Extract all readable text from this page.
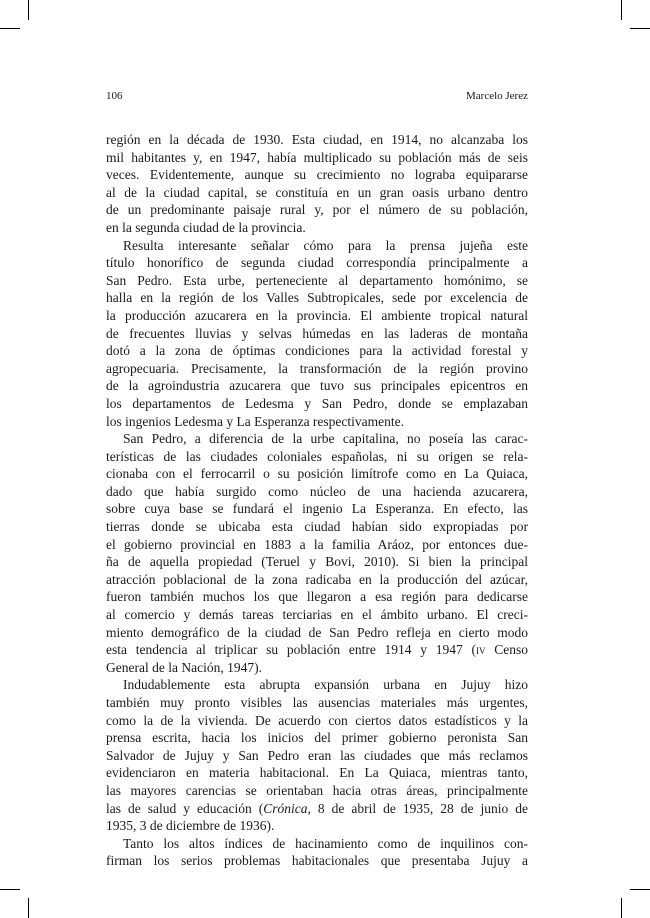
106	Marcelo Jerez
región en la década de 1930. Esta ciudad, en 1914, no alcanzaba los
mil habitantes y, en 1947, había multiplicado su población más de seis
veces. Evidentemente, aunque su crecimiento no lograba equipararse
al de la ciudad capital, se constituía en un gran oasis urbano dentro
de un predominante paisaje rural y, por el número de su población,
en la segunda ciudad de la provincia.
Resulta interesante señalar cómo para la prensa jujeña este
título honorífico de segunda ciudad correspondía principalmente a
San Pedro. Esta urbe, perteneciente al departamento homónimo, se
halla en la región de los Valles Subtropicales, sede por excelencia de
la producción azucarera en la provincia. El ambiente tropical natural
de frecuentes lluvias y selvas húmedas en las laderas de montaña
dotó a la zona de óptimas condiciones para la actividad forestal y
agropecuaria. Precisamente, la transformación de la región provino
de la agroindustria azucarera que tuvo sus principales epicentros en
los departamentos de Ledesma y San Pedro, donde se emplazaban
los ingenios Ledesma y La Esperanza respectivamente.
San Pedro, a diferencia de la urbe capitalina, no poseía las carac-
terísticas de las ciudades coloniales españolas, ni su origen se rela-
cionaba con el ferrocarril o su posición limítrofe como en La Quiaca,
dado que había surgido como núcleo de una hacienda azucarera,
sobre cuya base se fundará el ingenio La Esperanza. En efecto, las
tierras donde se ubicaba esta ciudad habían sido expropiadas por
el gobierno provincial en 1883 a la familia Aráoz, por entonces due-
ña de aquella propiedad (Teruel y Bovi, 2010). Si bien la principal
atracción poblacional de la zona radicaba en la producción del azúcar,
fueron también muchos los que llegaron a esa región para dedicarse
al comercio y demás tareas terciarias en el ámbito urbano. El creci-
miento demográfico de la ciudad de San Pedro refleja en cierto modo
esta tendencia al triplicar su población entre 1914 y 1947 (iv Censo
General de la Nación, 1947).
Indudablemente esta abrupta expansión urbana en Jujuy hizo
también muy pronto visibles las ausencias materiales más urgentes,
como la de la vivienda. De acuerdo con ciertos datos estadísticos y la
prensa escrita, hacia los inicios del primer gobierno peronista San
Salvador de Jujuy y San Pedro eran las ciudades que más reclamos
evidenciaron en materia habitacional. En La Quiaca, mientras tanto,
las mayores carencias se orientaban hacia otras áreas, principalmente
las de salud y educación (Crónica, 8 de abril de 1935, 28 de junio de
1935, 3 de diciembre de 1936).
Tanto los altos índices de hacinamiento como de inquilinos con-
firman los serios problemas habitacionales que presentaba Jujuy a
